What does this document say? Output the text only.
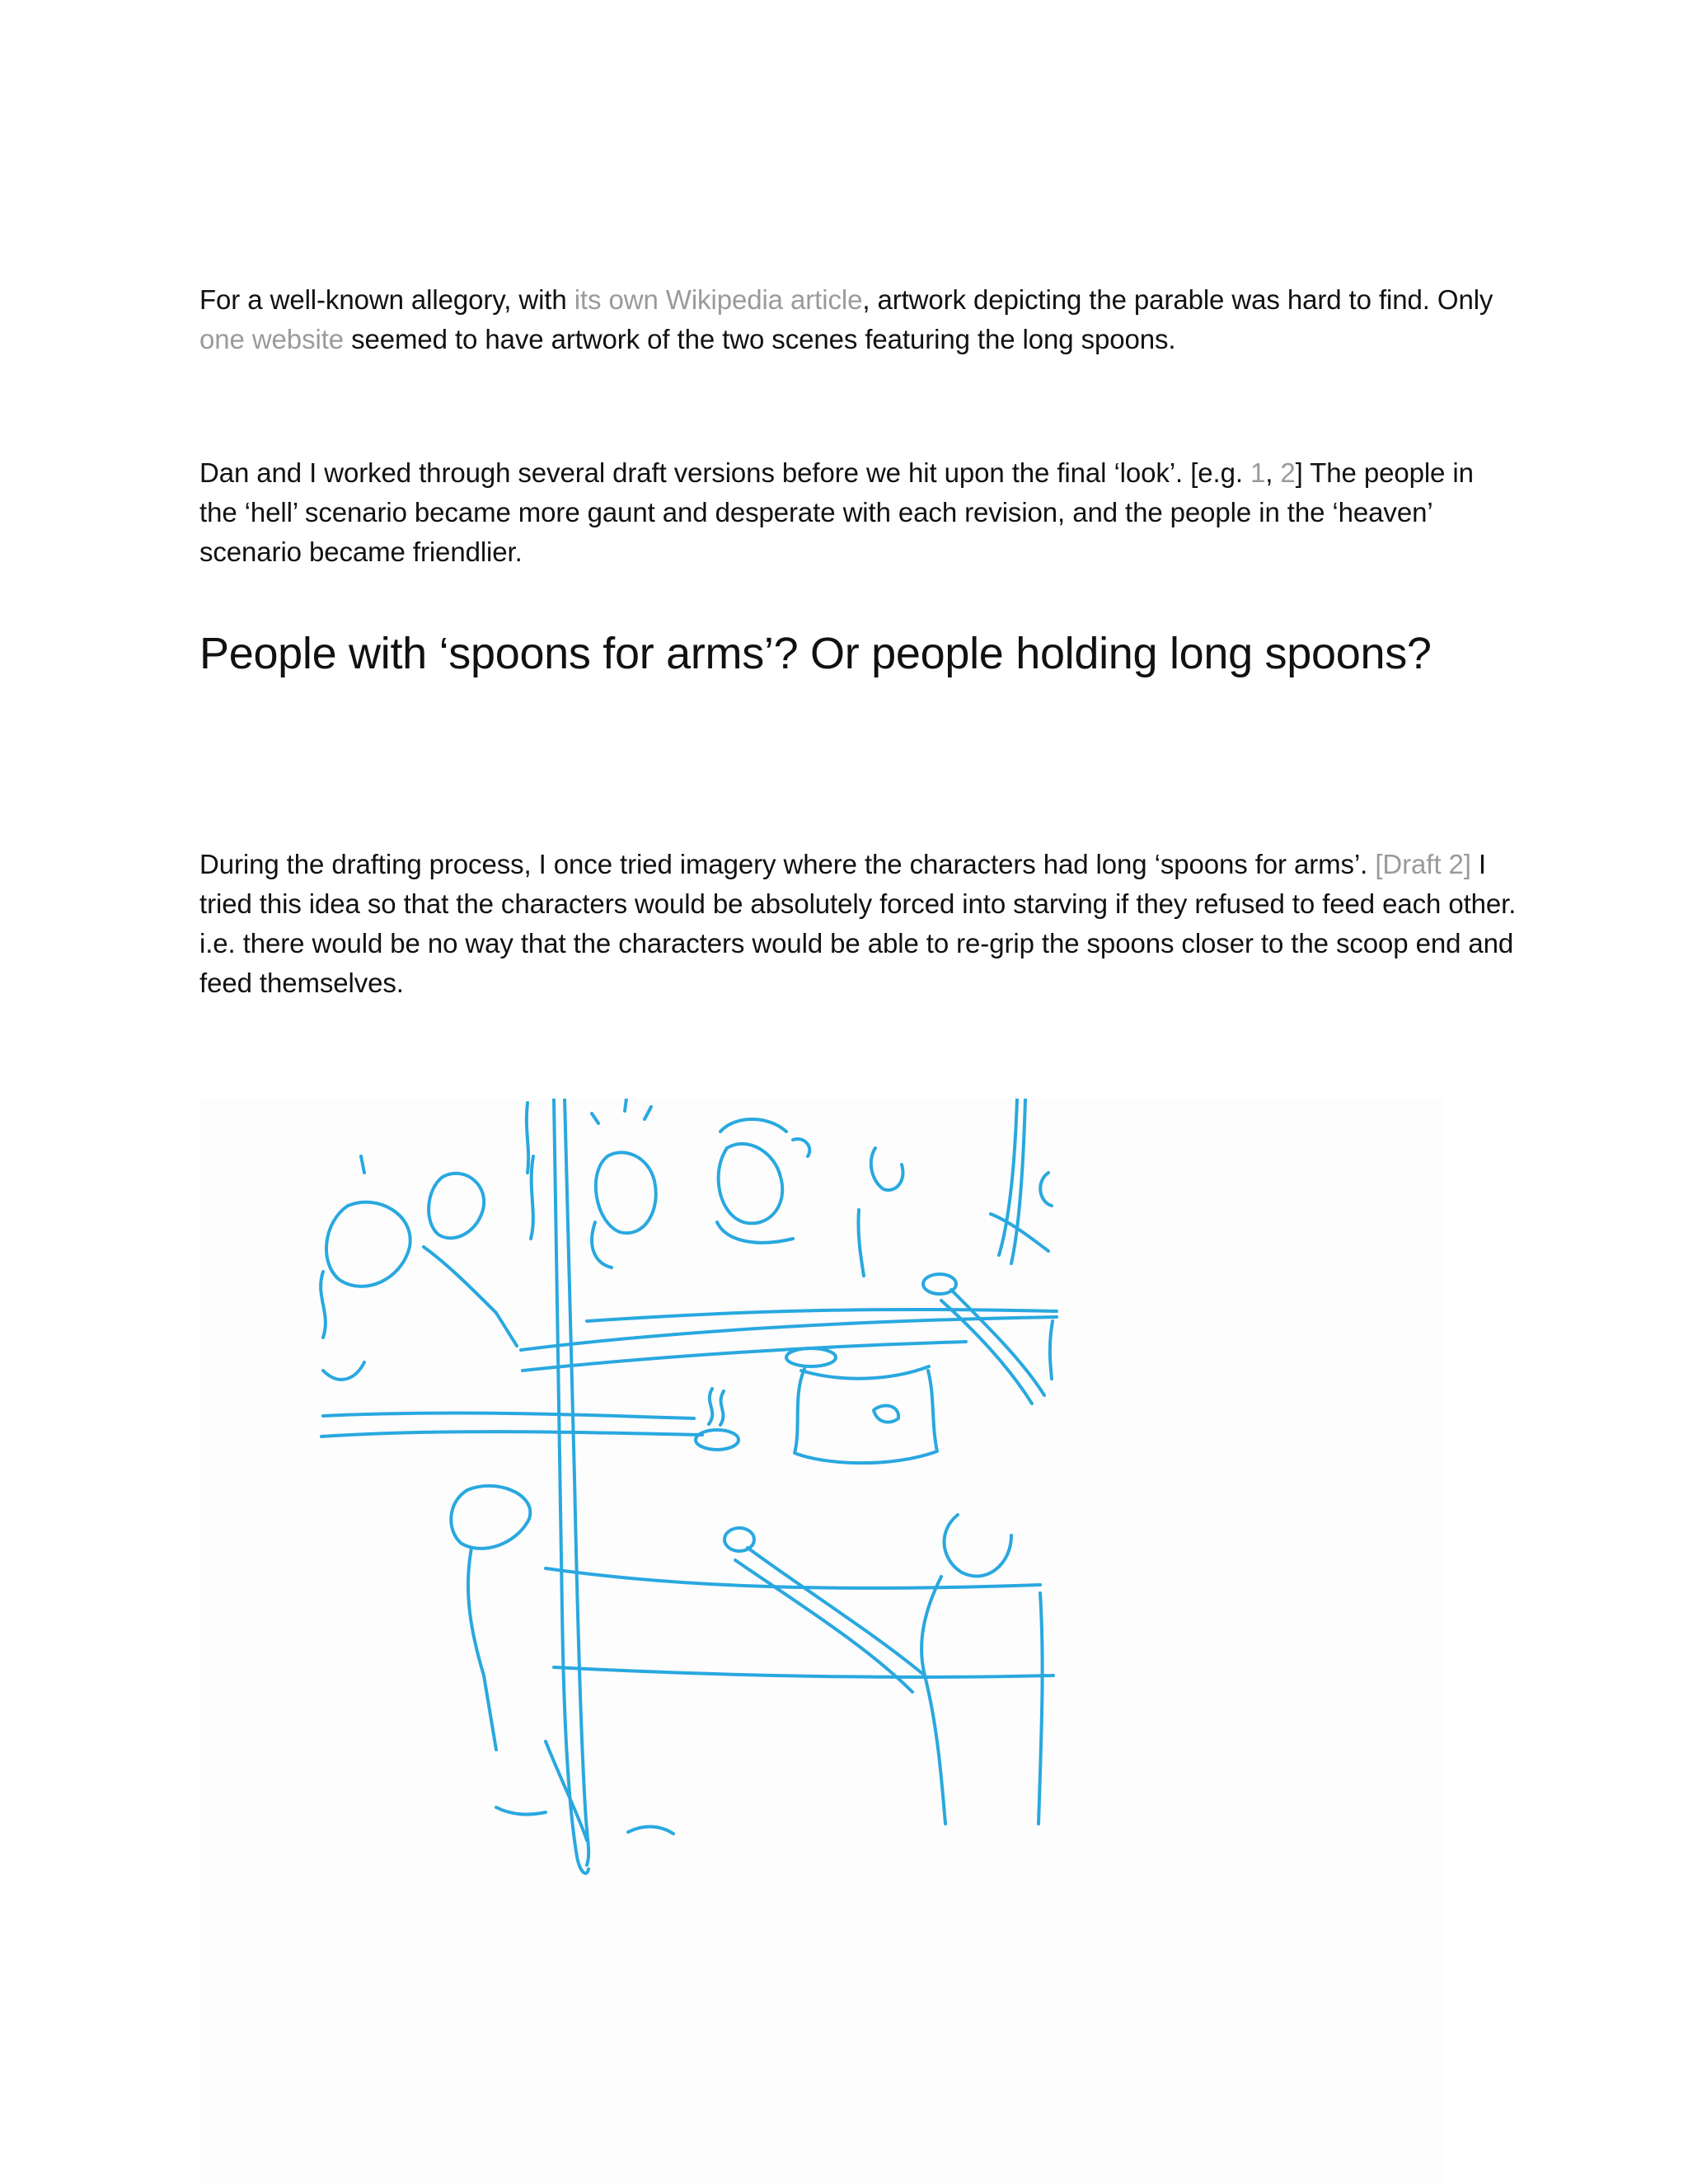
For a well-known allegory, with its own Wikipedia article, artwork depicting the parable was hard to find. Only one website seemed to have artwork of the two scenes featuring the long spoons.

Dan and I worked through several draft versions before we hit upon the final ‘look’. [e.g. 1, 2] The people in the ‘hell’ scenario became more gaunt and desperate with each revision, and the people in the ‘heaven’ scenario became friendlier.

People with ‘spoons for arms’? Or people holding long spoons?

During the drafting process, I once tried imagery where the characters had long ‘spoons for arms’. [Draft 2] I tried this idea so that the characters would be absolutely forced into starving if they refused to feed each other. i.e. there would be no way that the characters would be able to re-grip the spoons closer to the scoop end and feed themselves.
